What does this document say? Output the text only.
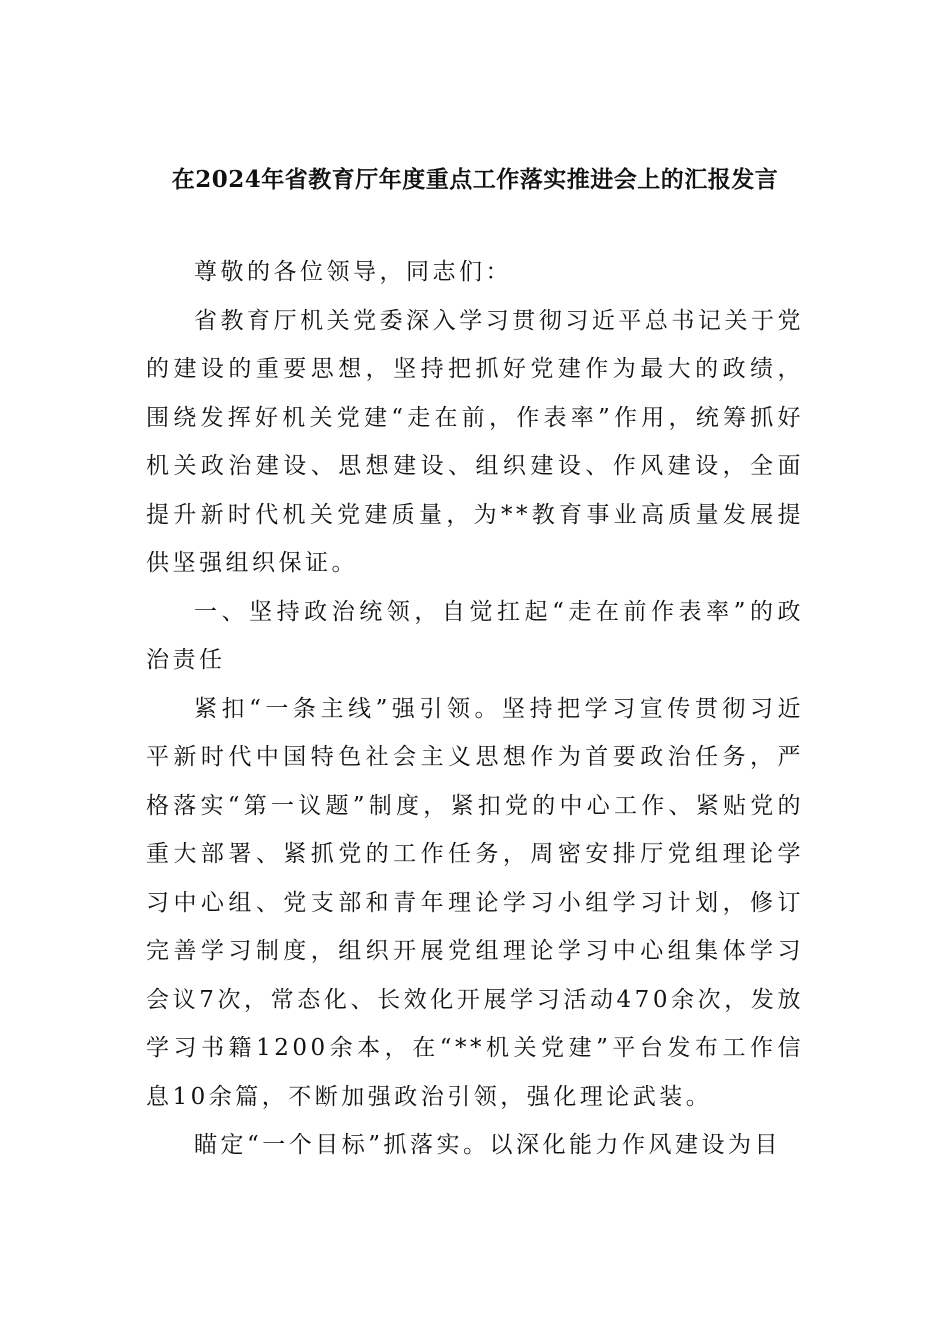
在2024年省教育厅年度重点工作落实推进会上的汇报发言

尊敬的各位领导，同志们：

省教育厅机关党委深入学习贯彻习近平总书记关于党的建设的重要思想，坚持把抓好党建作为最大的政绩，围绕发挥好机关党建“走在前，作表率”作用，统筹抓好机关政治建设、思想建设、组织建设、作风建设，全面提升新时代机关党建质量，为**教育事业高质量发展提供坚强组织保证。

一、坚持政治统领，自觉扛起“走在前作表率”的政治责任

紧扣“一条主线”强引领。坚持把学习宣传贯彻习近平新时代中国特色社会主义思想作为首要政治任务，严格落实“第一议题”制度，紧扣党的中心工作、紧贴党的重大部署、紧抓党的工作任务，周密安排厅党组理论学习中心组、党支部和青年理论学习小组学习计划，修订完善学习制度，组织开展党组理论学习中心组集体学习会议7次，常态化、长效化开展学习活动470余次，发放学习书籍1200余本，在“**机关党建”平台发布工作信息10余篇，不断加强政治引领，强化理论武装。

瞄定“一个目标”抓落实。以深化能力作风建设为目
